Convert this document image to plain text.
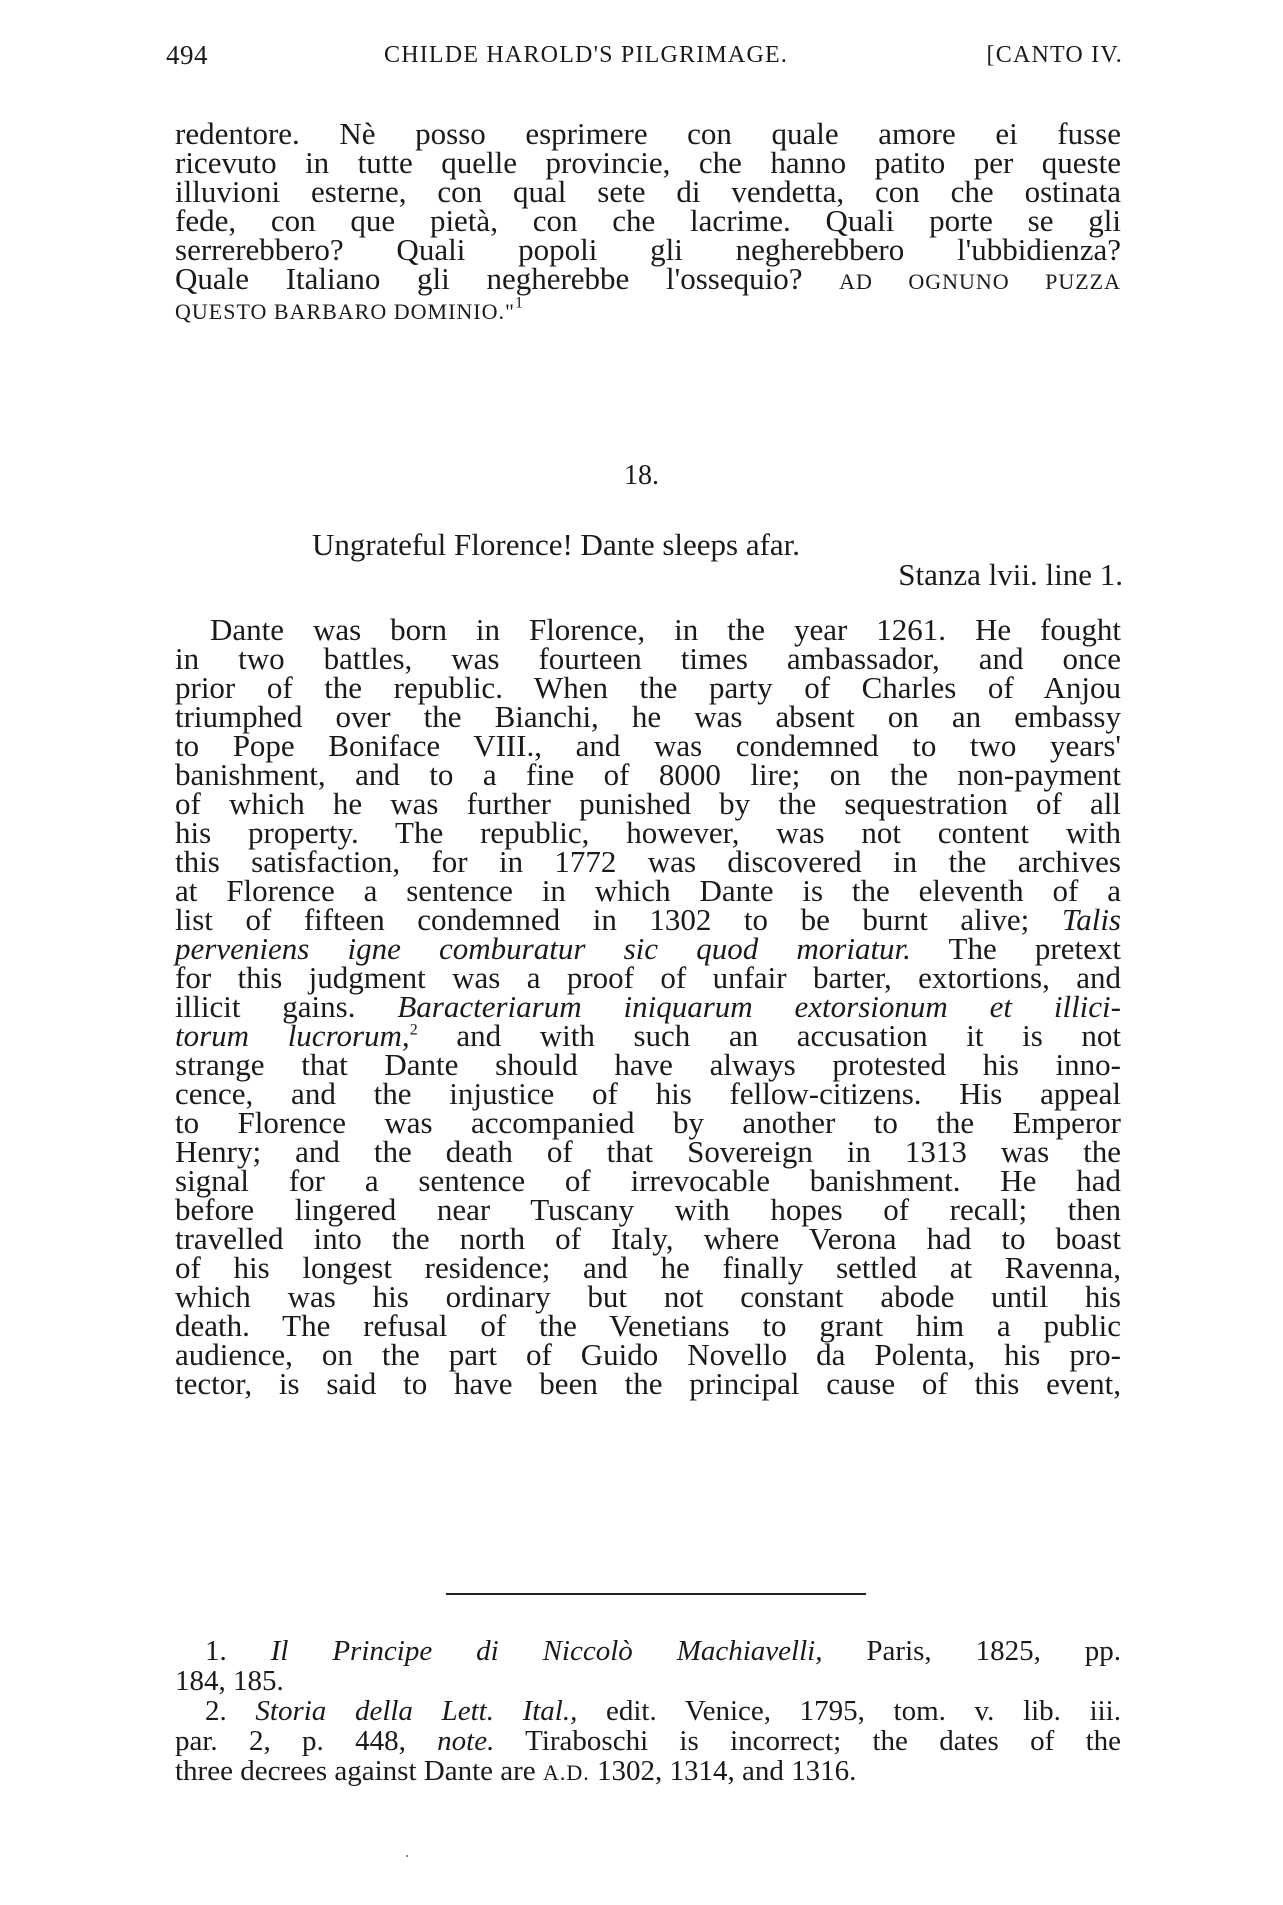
494	CHILDE HAROLD'S PILGRIMAGE.	[CANTO IV.
redentore. Nè posso esprimere con quale amore ei fusse
ricevuto in tutte quelle provincie, che hanno patito per queste
illuvioni esterne, con qual sete di vendetta, con che ostinata
fede, con que pietà, con che lacrime. Quali porte se gli
serrerebbero? Quali popoli gli negherebbero l'ubbidienza?
Quale Italiano gli negherebbe l'ossequio? AD OGNUNO PUZZA
QUESTO BARBARO DOMINIO."$^1$
18.
Ungrateful Florence! Dante sleeps afar.
Stanza lvii. line 1.
Dante was born in Florence, in the year 1261. He fought
in two battles, was fourteen times ambassador, and once
prior of the republic. When the party of Charles of Anjou
triumphed over the Bianchi, he was absent on an embassy
to Pope Boniface VIII., and was condemned to two years'
banishment, and to a fine of 8000 lire; on the non-payment
of which he was further punished by the sequestration of all
his property. The republic, however, was not content with
this satisfaction, for in 1772 was discovered in the archives
at Florence a sentence in which Dante is the eleventh of a
list of fifteen condemned in 1302 to be burnt alive; Talis
perveniens igne comburatur sic quod moriatur. The pretext
for this judgment was a proof of unfair barter, extortions, and
illicit gains. Baracteriarum iniquarum extorsionum et illici-
torum lucrorum,$^2$ and with such an accusation it is not
strange that Dante should have always protested his inno-
cence, and the injustice of his fellow-citizens. His appeal
to Florence was accompanied by another to the Emperor
Henry; and the death of that Sovereign in 1313 was the
signal for a sentence of irrevocable banishment. He had
before lingered near Tuscany with hopes of recall; then
travelled into the north of Italy, where Verona had to boast
of his longest residence; and he finally settled at Ravenna,
which was his ordinary but not constant abode until his
death. The refusal of the Venetians to grant him a public
audience, on the part of Guido Novello da Polenta, his pro-
tector, is said to have been the principal cause of this event,
1. Il Principe di Niccolò Machiavelli, Paris, 1825, pp.
184, 185.
2. Storia della Lett. Ital., edit. Venice, 1795, tom. v. lib. iii.
par. 2, p. 448, note. Tiraboschi is incorrect; the dates of the
three decrees against Dante are A.D. 1302, 1314, and 1316.
